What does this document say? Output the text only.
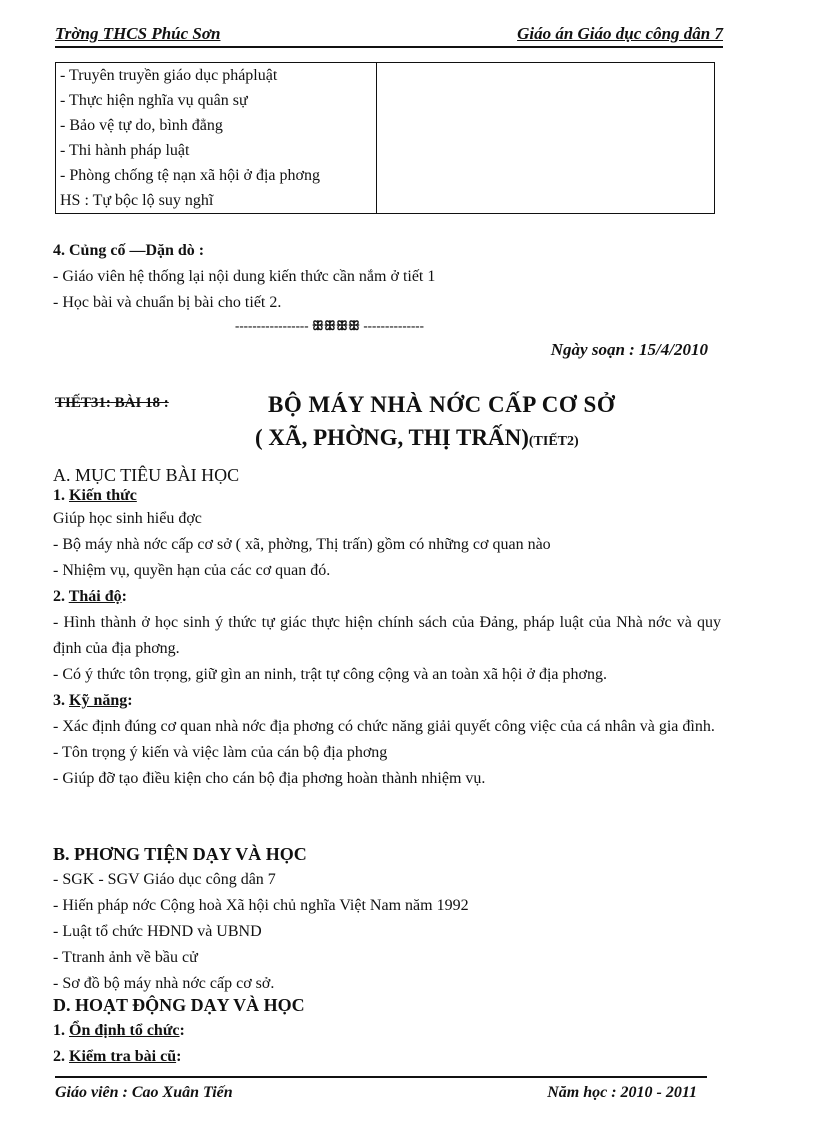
Trờng THCS Phúc Sơn	Giáo án Giáo dục công dân 7
- Truyên truyền giáo dục phápluật
- Thực hiện nghĩa vụ quân sự
- Bảo vệ tự do, bình đẳng
- Thi hành pháp luật
- Phòng chống tệ nạn xã hội ở địa phơng
HS : Tự bộc lộ suy nghĩ

4. Củng cố —Dặn dò :
- Giáo viên hệ thống lại nội dung kiến thức cần nắm ở tiết 1
- Học bài và chuẩn bị bài cho tiết 2.
----------------- ꕥꕥꕥꕥ --------------
Ngày soạn : 15/4/2010
TIẾT31: BÀI 18 :	BỘ MÁY NHÀ NỚC CẤP CƠ SỞ
( XÃ, PHỜNG, THỊ TRẤN)(TIẾT2)
A. MỤC TIÊU BÀI HỌC
1. Kiến thức
Giúp học sinh hiểu đợc
- Bộ máy nhà nớc cấp cơ sở ( xã, phờng, Thị trấn) gồm có những cơ quan nào
- Nhiệm vụ, quyền hạn của các cơ quan đó.
2. Thái độ:
- Hình thành ở học sinh ý thức tự giác thực hiện chính sách của Đảng, pháp luật của Nhà nớc và quy định của địa phơng.
- Có ý thức tôn trọng, giữ gìn an ninh, trật tự công cộng và an toàn xã hội ở địa phơng.
3. Kỹ năng:
- Xác định đúng cơ quan nhà nớc địa phơng có chức năng giải quyết công việc của cá nhân và gia đình.
- Tôn trọng ý kiến và việc làm của cán bộ địa phơng
- Giúp đỡ tạo điều kiện cho cán bộ địa phơng hoàn thành nhiệm vụ.
B. PHƠNG TIỆN DẠY VÀ HỌC
- SGK - SGV Giáo dục công dân 7
- Hiến pháp nớc Cộng hoà Xã hội chủ nghĩa Việt Nam năm 1992
- Luật tổ chức HĐND và UBND
- Ttranh ảnh về bầu cử
- Sơ đồ bộ máy nhà nớc cấp cơ sở.
D. HOẠT ĐỘNG DẠY VÀ HỌC
1. Ổn định tổ chức:
2. Kiểm tra bài cũ:
Giáo viên : Cao Xuân Tiến	Năm học : 2010 - 2011
